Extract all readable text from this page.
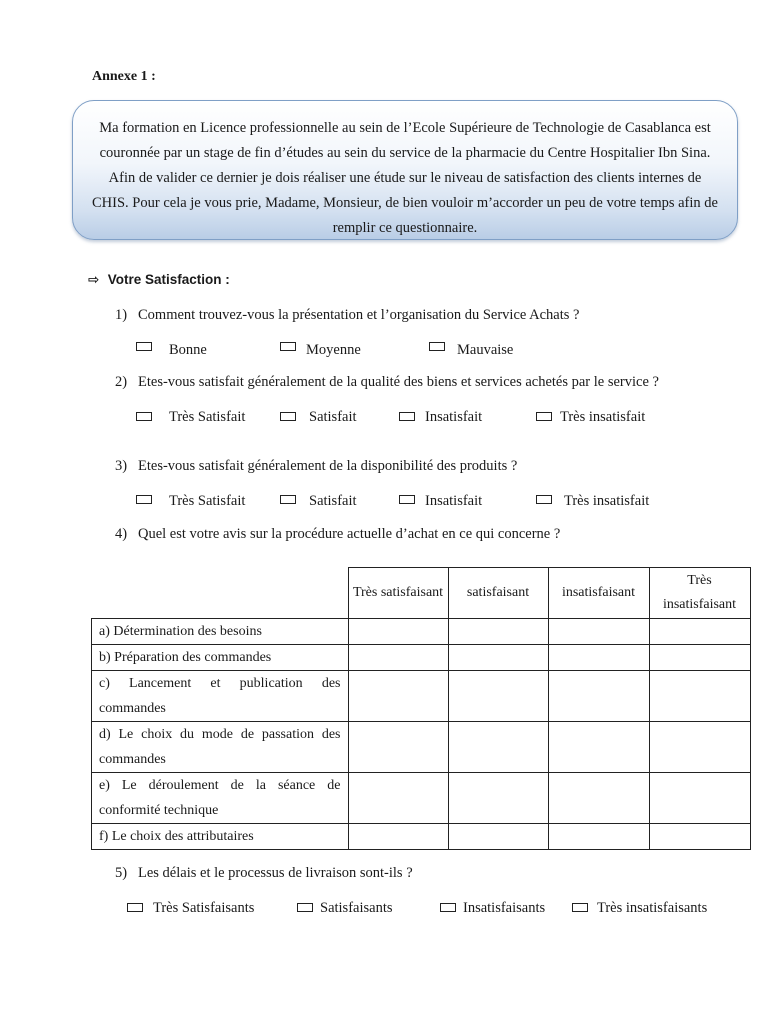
Annexe 1 :
Ma formation en Licence professionnelle au sein de l’Ecole Supérieure de Technologie de Casablanca est couronnée par un stage de fin d’études au sein du service de la pharmacie du Centre Hospitalier Ibn Sina. Afin de valider ce dernier je dois réaliser une étude sur le niveau de satisfaction des clients internes de CHIS. Pour cela je vous prie, Madame, Monsieur, de bien vouloir m’accorder un peu de votre temps afin de remplir ce questionnaire.
⇨ Votre Satisfaction :
1) Comment trouvez-vous la présentation et l’organisation du Service Achats ?
Bonne	Moyenne	Mauvaise
2) Etes-vous satisfait généralement de la qualité des biens et services achetés par le service ?
Très Satisfait	Satisfait	Insatisfait	Très insatisfait
3) Etes-vous satisfait généralement de la disponibilité des produits ?
Très Satisfait	Satisfait	Insatisfait	Très insatisfait
4) Quel est votre avis sur la procédure actuelle d’achat en ce qui concerne ?
	Très satisfaisant	satisfaisant	insatisfaisant	Très insatisfaisant
a) Détermination des besoins				
b) Préparation des commandes				
c) Lancement et publication des commandes				
d) Le choix du mode de passation des commandes				
e) Le déroulement de la séance de conformité technique				
f) Le choix des attributaires				
5) Les délais et le processus de livraison sont-ils ?
Très Satisfaisants	Satisfaisants	Insatisfaisants	Très insatisfaisants
